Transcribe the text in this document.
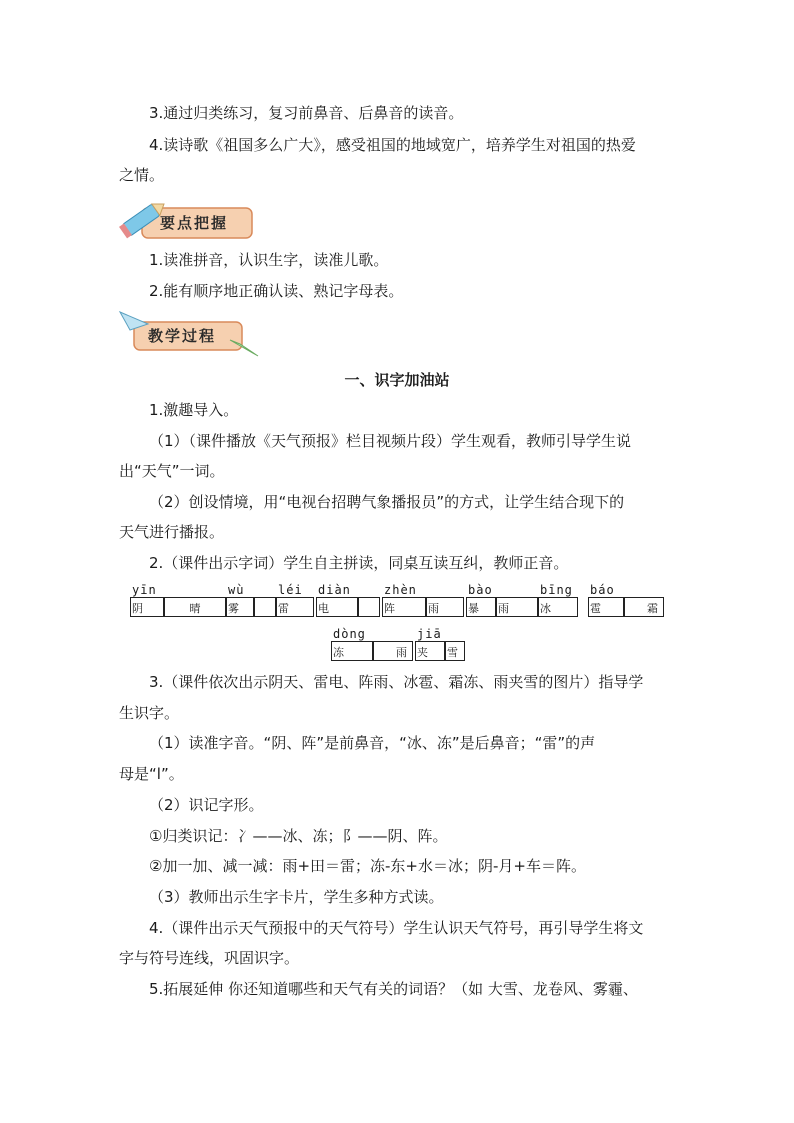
3.通过归类练习，复习前鼻音、后鼻音的读音。
4.读诗歌《祖国多么广大》，感受祖国的地域宽广，培养学生对祖国的热爱
之情。
要点把握
1.读准拼音，认识生字，读准儿歌。
2.能有顺序地正确认读、熟记字母表。
教学过程
一、识字加油站
1.激趣导入。
（1）（课件播放《天气预报》栏目视频片段）学生观看，教师引导学生说
出“天气”一词。
（2）创设情境，用“电视台招聘气象播报员”的方式，让学生结合现下的
天气进行播报。
2.（课件出示字词）学生自主拼读，同桌互读互纠，教师正音。
yīn
阴	晴
wù
雾
léi
雷
diàn
电
zhèn
阵	雨
bào
暴 雨
bīng
冰
báo
雹	霜
dòng
冻	雨
jiā
夹 雪
3.（课件依次出示阴天、雷电、阵雨、冰雹、霜冻、雨夹雪的图片）指导学
生识字。
（1）读准字音。“阴、阵”是前鼻音，“冰、冻”是后鼻音；“雷”的声
母是“l”。
（2）识记字形。
①归类识记：冫——冰、冻；阝——阴、阵。
②加一加、减一减：雨+田＝雷；冻-东+水＝冰；阴-月+车＝阵。
（3）教师出示生字卡片，学生多种方式读。
4.（课件出示天气预报中的天气符号）学生认识天气符号，再引导学生将文
字与符号连线，巩固识字。
5.拓展延伸 你还知道哪些和天气有关的词语？（如 大雪、龙卷风、雾霾、
